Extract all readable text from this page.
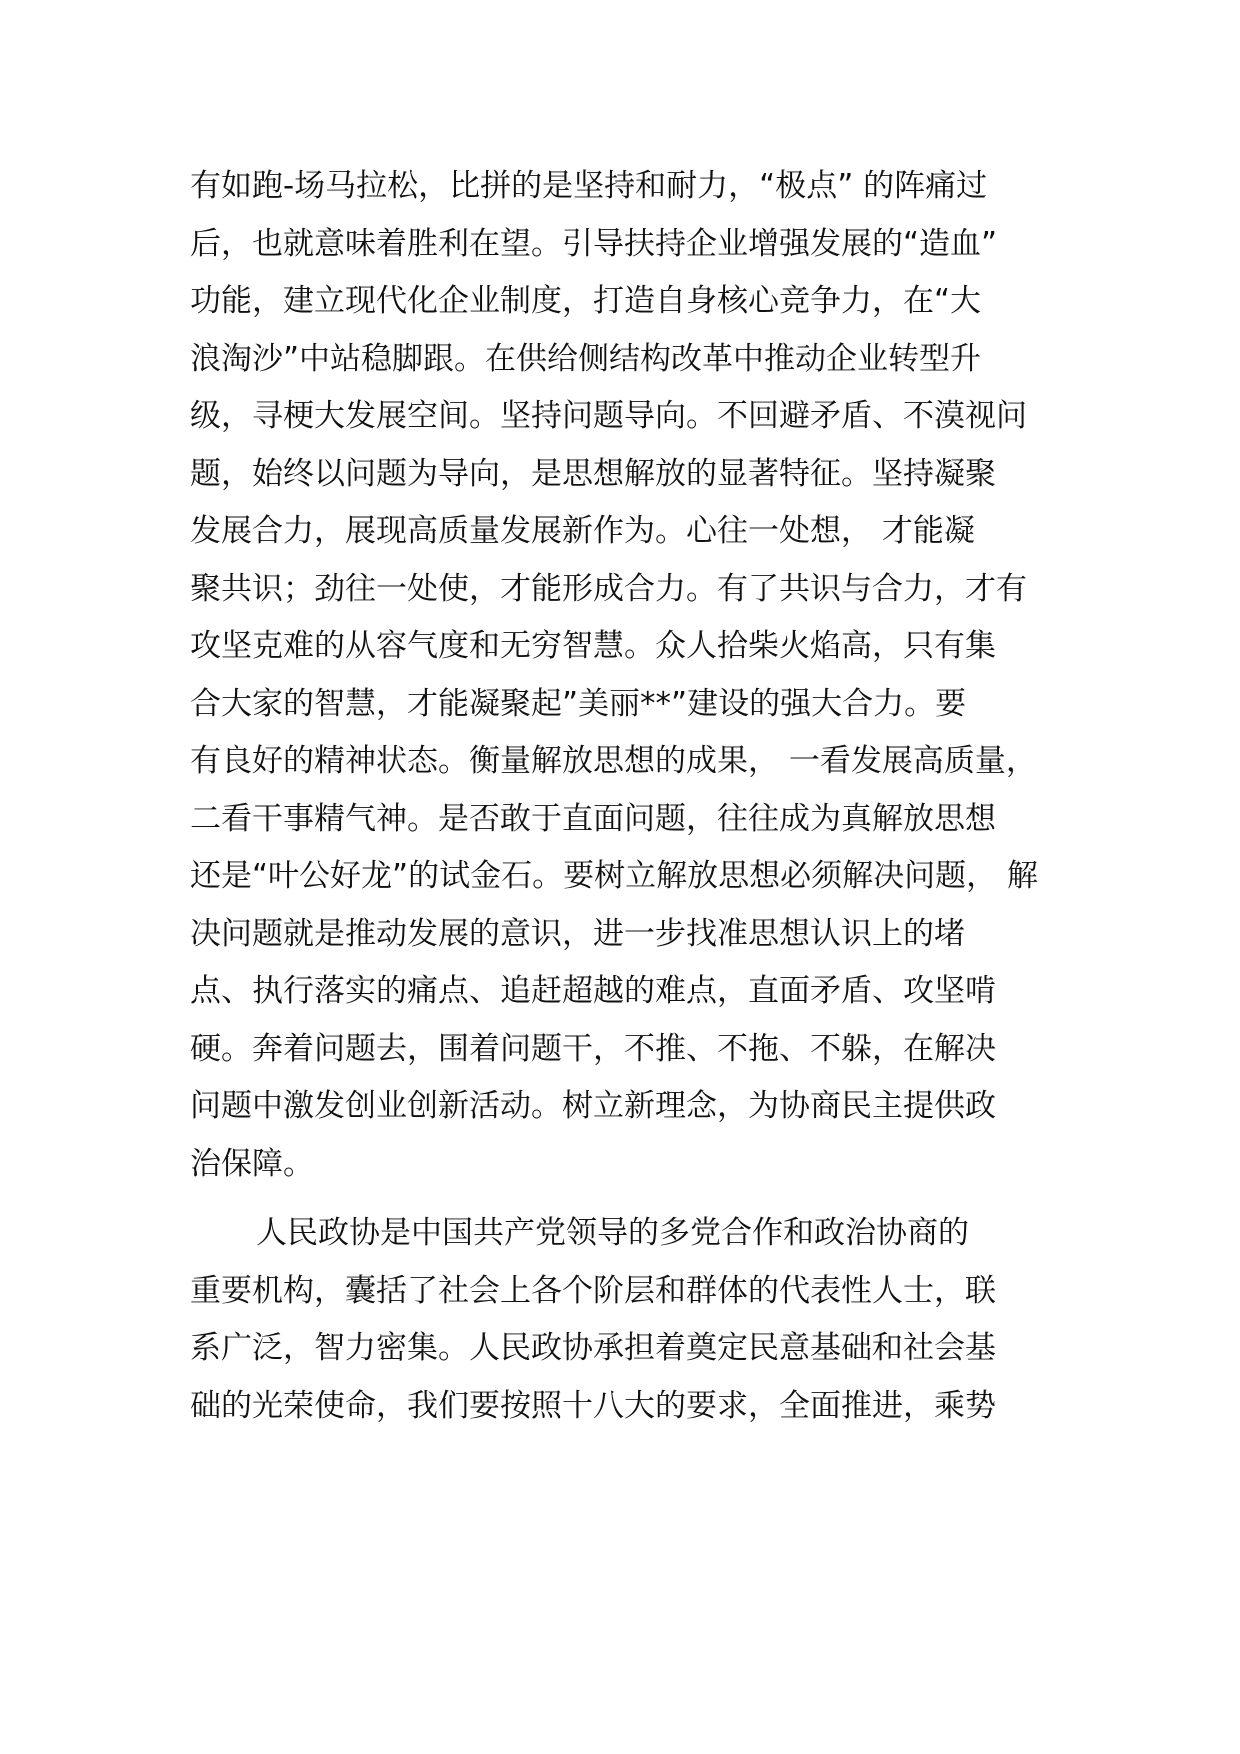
有如跑-场马拉松，比拼的是坚持和耐力，“极点” 的阵痛过
后，也就意味着胜利在望。引导扶持企业增强发展的“造血”
功能，建立现代化企业制度，打造自身核心竞争力，在“大
浪淘沙”中站稳脚跟。在供给侧结构改革中推动企业转型升
级，寻梗大发展空间。坚持问题导向。不回避矛盾、不漠视问
题，始终以问题为导向，是思想解放的显著特征。坚持凝聚
发展合力，展现高质量发展新作为。心往一处想， 才能凝
聚共识；劲往一处使，才能形成合力。有了共识与合力，才有
攻坚克难的从容气度和无穷智慧。众人拾柴火焰高，只有集
合大家的智慧，才能凝聚起”美丽**”建设的强大合力。要
有良好的精神状态。衡量解放思想的成果， 一看发展高质量，
二看干事精气神。是否敢于直面问题，往往成为真解放思想
还是“叶公好龙”的试金石。要树立解放思想必须解决问题， 解
决问题就是推动发展的意识，进一步找准思想认识上的堵
点、执行落实的痛点、追赶超越的难点，直面矛盾、攻坚啃
硬。奔着问题去，围着问题干，不推、不拖、不躲，在解决
问题中激发创业创新活动。树立新理念，为协商民主提供政
治保障。
人民政协是中国共产党领导的多党合作和政治协商的
重要机构，囊括了社会上各个阶层和群体的代表性人士，联
系广泛，智力密集。人民政协承担着奠定民意基础和社会基
础的光荣使命，我们要按照十八大的要求，全面推进，乘势
